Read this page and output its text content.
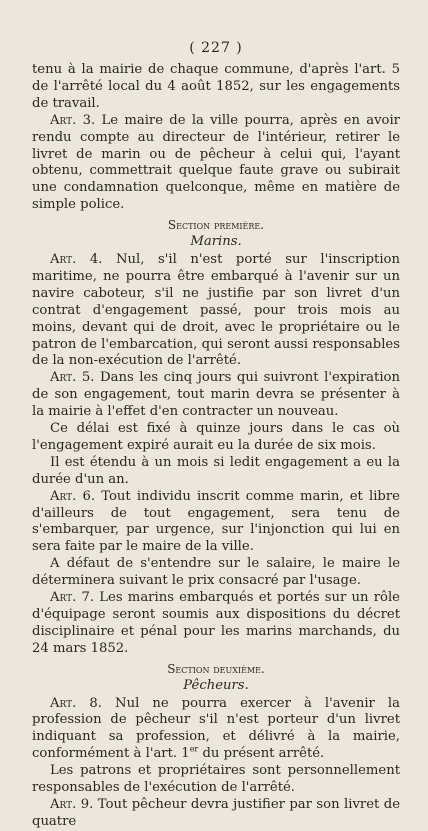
( 227 )
tenu à la mairie de chaque commune, d'après l'art. 5 de l'arrêté local du 4 août 1852, sur les engagements de travail.
Art. 3. Le maire de la ville pourra, après en avoir rendu compte au directeur de l'intérieur, retirer le livret de marin ou de pêcheur à celui qui, l'ayant obtenu, commettrait quelque faute grave ou subirait une condamnation quelconque, même en matière de simple police.
Section première.
Marins.
Art. 4. Nul, s'il n'est porté sur l'inscription maritime, ne pourra être embarqué à l'avenir sur un navire caboteur, s'il ne justifie par son livret d'un contrat d'engagement passé, pour trois mois au moins, devant qui de droit, avec le propriétaire ou le patron de l'embarcation, qui seront aussi responsables de la non-exécution de l'arrêté.
Art. 5. Dans les cinq jours qui suivront l'expiration de son engagement, tout marin devra se présenter à la mairie à l'effet d'en contracter un nouveau.
Ce délai est fixé à quinze jours dans le cas où l'engagement expiré aurait eu la durée de six mois.
Il est étendu à un mois si ledit engagement a eu la durée d'un an.
Art. 6. Tout individu inscrit comme marin, et libre d'ailleurs de tout engagement, sera tenu de s'embarquer, par urgence, sur l'injonction qui lui en sera faite par le maire de la ville.
A défaut de s'entendre sur le salaire, le maire le déterminera suivant le prix consacré par l'usage.
Art. 7. Les marins embarqués et portés sur un rôle d'équipage seront soumis aux dispositions du décret disciplinaire et pénal pour les marins marchands, du 24 mars 1852.
Section deuxième.
Pêcheurs.
Art. 8. Nul ne pourra exercer à l'avenir la profession de pêcheur s'il n'est porteur d'un livret indiquant sa profession, et délivré à la mairie, conformément à l'art. 1er du présent arrêté.
Les patrons et propriétaires sont personnellement responsables de l'exécution de l'arrêté.
Art. 9. Tout pêcheur devra justifier par son livret de quatre
